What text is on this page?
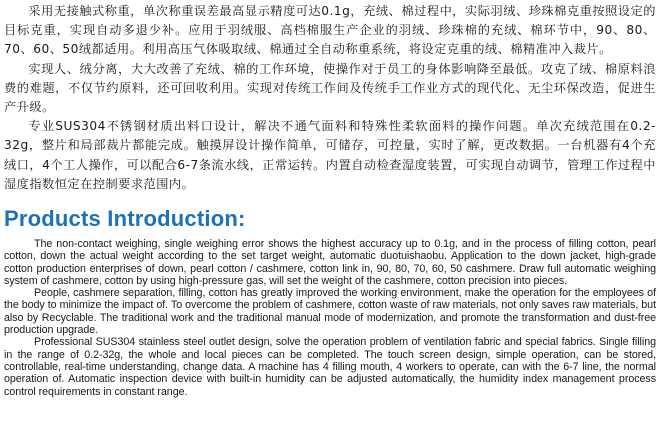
采用无接触式称重，单次称重误差最高显示精度可达0.1g，充绒、棉过程中，实际羽绒、珍珠棉克重按照设定的目标克重，实现自动多退少补。应用于羽绒服、高档棉服生产企业的羽绒、珍珠棉的充绒、棉环节中，90、80、70、60、50绒都适用。利用高压气体吸取绒、棉通过全自动称重系统，将设定克重的绒、棉精准冲入裁片。

实现人、绒分离，大大改善了充绒、棉的工作环境，使操作对于员工的身体影响降至最低。攻克了绒、棉原料浪费的难题，不仅节约原料，还可回收利用。实现对传统工作间及传统手工作业方式的现代化、无尘环保改造，促进生产升级。

专业SUS304不锈钢材质出料口设计，解决不通气面料和特殊性柔软面料的操作问题。单次充绒范围在0.2-32g，整片和局部裁片都能完成。触摸屏设计操作简单，可储存，可控量，实时了解，更改数据。一台机器有4个充绒口，4个工人操作，可以配合6-7条流水线，正常运转。内置自动检查湿度装置，可实现自动调节，管理工作过程中湿度指数恒定在控制要求范围内。

Products Introduction:

The non-contact weighing, single weighing error shows the highest accuracy up to 0.1g, and in the process of filling cotton, pearl cotton, down the actual weight according to the set target weight, automatic duotuishaobu. Application to the down jacket, high-grade cotton production enterprises of down, pearl cotton / cashmere, cotton link in, 90, 80, 70, 60, 50 cashmere. Draw full automatic weighing system of cashmere, cotton by using high-pressure gas, will set the weight of the cashmere, cotton precision into pieces.

People, cashmere separation, filling, cotton has greatly improved the working environment, make the operation for the employees of the body to minimize the impact of. To overcome the problem of cashmere, cotton waste of raw materials, not only saves raw materials, but also by Recyclable. The traditional work and the traditional manual mode of modernization, and promote the transformation and dust-free production upgrade.

Professional SUS304 stainless steel outlet design, solve the operation problem of ventilation fabric and special fabrics. Single filling in the range of 0.2-32g, the whole and local pieces can be completed. The touch screen design, simple operation, can be stored, controllable, real-time understanding, change data. A machine has 4 filling mouth, 4 workers to operate, can with the 6-7 line, the normal operation of. Automatic inspection device with built-in humidity can be adjusted automatically, the humidity index management process control requirements in constant range.
